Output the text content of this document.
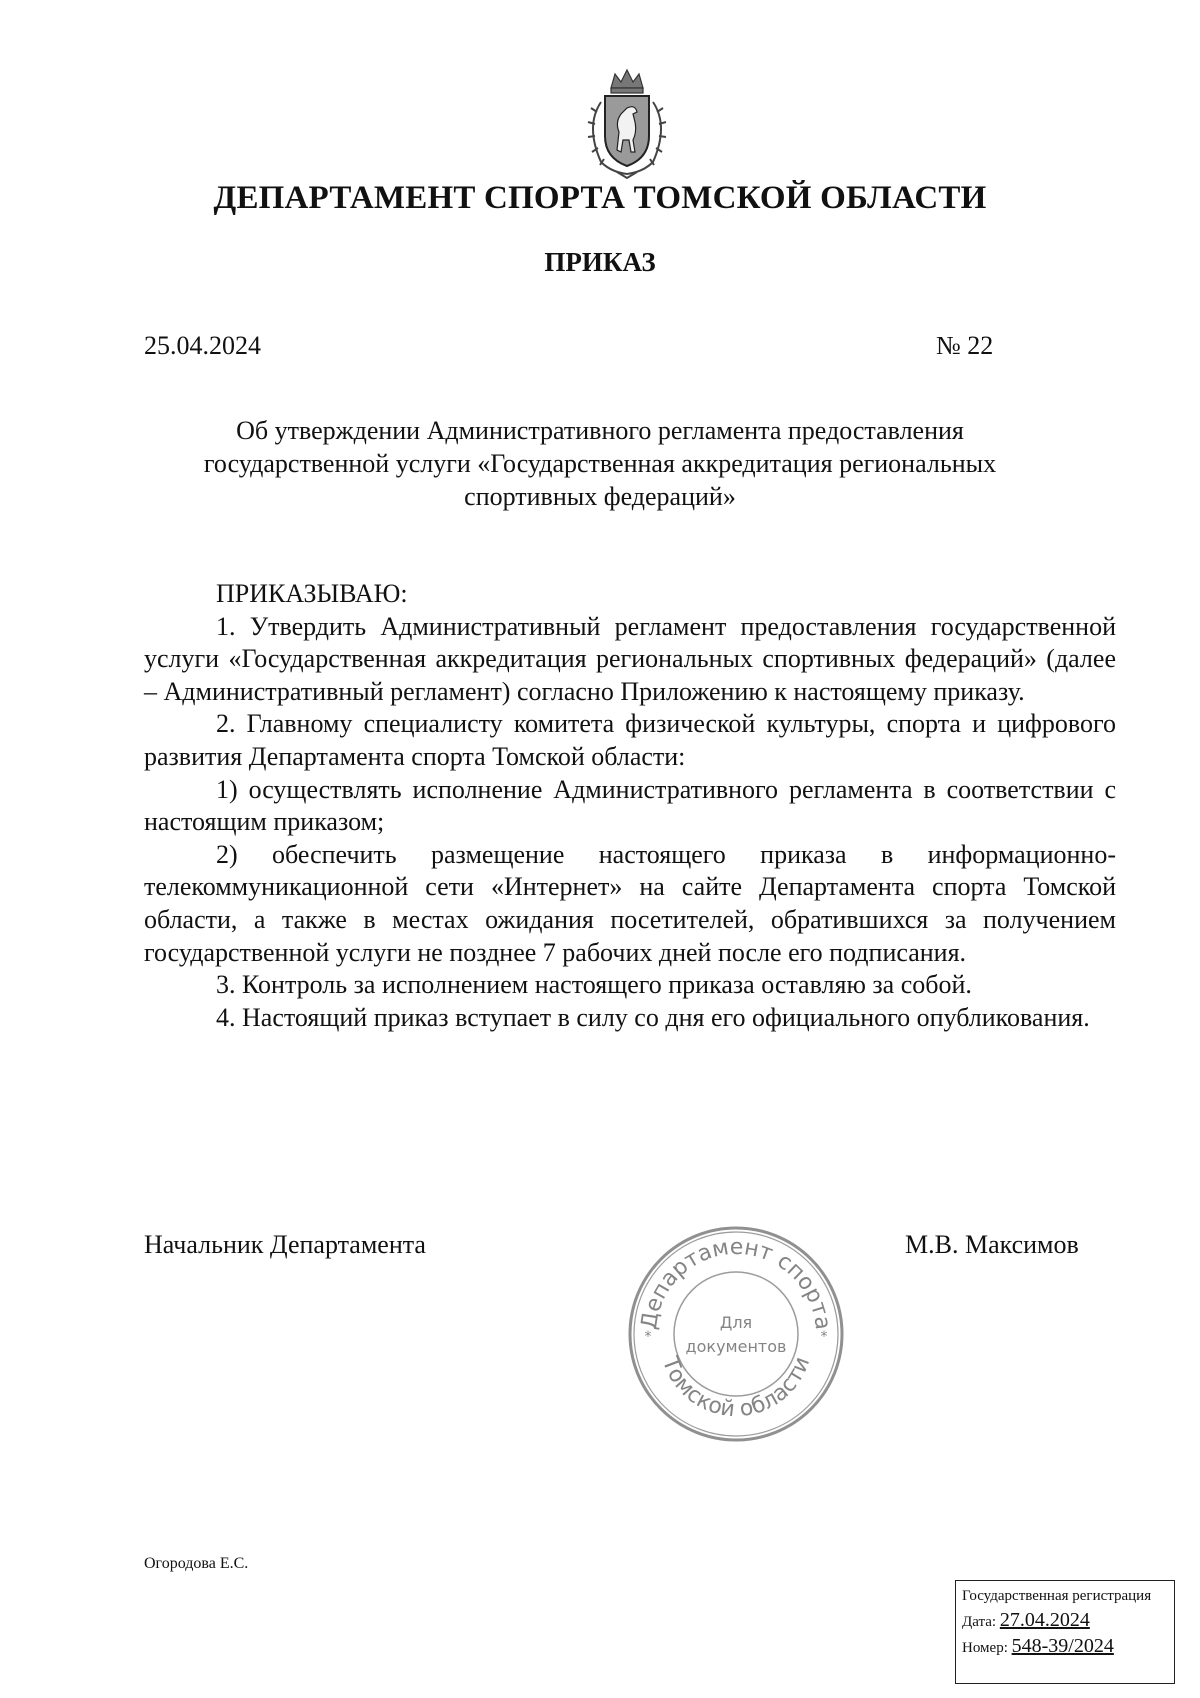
ДЕПАРТАМЕНТ СПОРТА ТОМСКОЙ ОБЛАСТИ
ПРИКАЗ
25.04.2024	№ 22
Об утверждении Административного регламента предоставления
государственной услуги «Государственная аккредитация региональных
спортивных федераций»

ПРИКАЗЫВАЮ:

1. Утвердить Административный регламент предоставления государственной услуги «Государственная аккредитация региональных спортивных федераций» (далее – Административный регламент) согласно Приложению к настоящему приказу.

2. Главному специалисту комитета физической культуры, спорта и цифрового развития Департамента спорта Томской области:

1) осуществлять исполнение Административного регламента в соответствии с настоящим приказом;

2) обеспечить размещение настоящего приказа в информационно-телекоммуникационной сети «Интернет» на сайте Департамента спорта Томской области, а также в местах ожидания посетителей, обратившихся за получением государственной услуги не позднее 7 рабочих дней после его подписания.

3. Контроль за исполнением настоящего приказа оставляю за собой.

4. Настоящий приказ вступает в силу со дня его официального опубликования.

Начальник Департамента	М.В. Максимов
Департамент спорта
Томской области
Для
документов
*	*
Огородова Е.С.
Государственная регистрация
Дата: 27.04.2024
Номер: 548-39/2024
